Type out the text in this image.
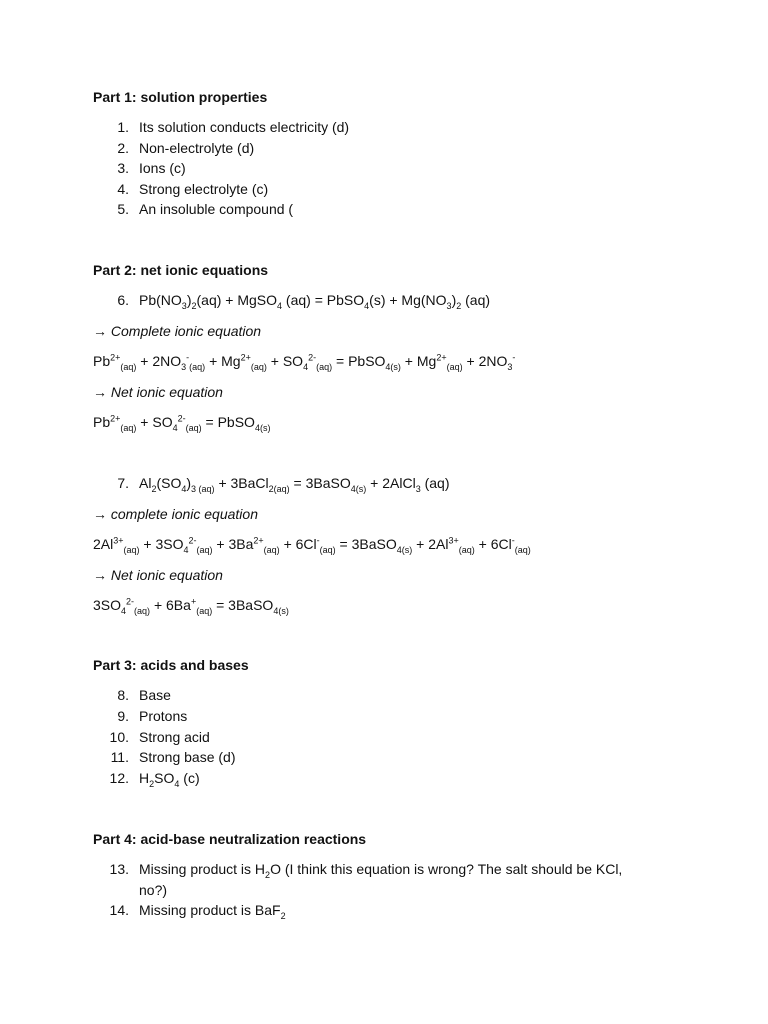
Part 1: solution properties
1. Its solution conducts electricity (d)
2. Non-electrolyte (d)
3. Ions (c)
4. Strong electrolyte (c)
5. An insoluble compound (
Part 2: net ionic equations
6. $Pb(NO_3)_2(aq)$ + MgSO$_4$ (aq) = PbSO$_4$(s) + $Mg(NO_3)_2$ (aq)
→ Complete ionic equation
$Pb^{2+}_{(aq)} + 2NO_3^-_{(aq)} + Mg^{2+}_{(aq)} + SO_4^{2-}_{(aq)}$ = PbSO$_{4(s)}$ + $Mg^{2+}_{(aq)} + 2NO_3^-$
→ Net ionic equation
$Pb^{2+}_{(aq)} + SO_4^{2-}_{(aq)}$ = PbSO$_{4(s)}$
7. $Al_2(SO_4)_{3 (aq)}$ + 3BaCl$_{2(aq)}$ = 3BaSO$_{4(s)}$ + 2AlCl$_3$ (aq)
→ complete ionic equation
$2Al^{3+}_{(aq)} + 3SO_4^{2-}_{(aq)} + 3Ba^{2+}_{(aq)} + 6Cl^-_{(aq)}$ = 3BaSO$_{4(s)}$ + $2Al^{3+}_{(aq)} + 6Cl^-_{(aq)}$
→ Net ionic equation
$3SO_4^{2-}_{(aq)} + 6Ba^+_{(aq)}$ = 3BaSO$_{4(s)}$
Part 3: acids and bases
8. Base
9. Protons
10. Strong acid
11. Strong base (d)
12. $H_2SO_4$ (c)
Part 4: acid-base neutralization reactions
13. Missing product is $H_2O$ (I think this equation is wrong? The salt should be KCl,
no?)
14. Missing product is BaF$_2$
